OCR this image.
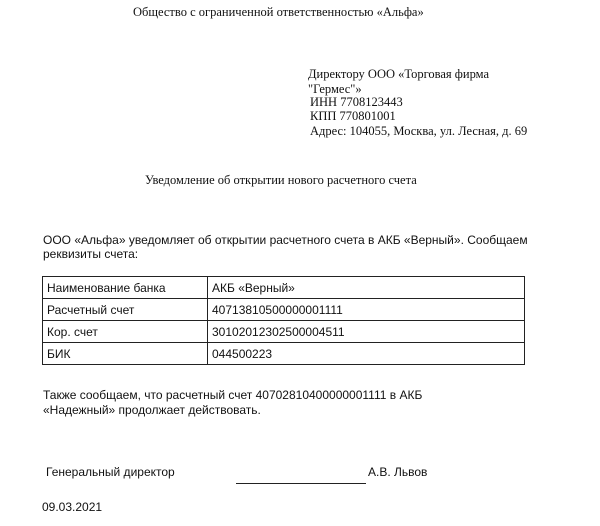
Общество с ограниченной ответственностью «Альфа»
Директору ООО «Торговая фирма
"Гермес"»
ИНН 7708123443
КПП 770801001
Адрес: 104055, Москва, ул. Лесная, д. 69
Уведомление об открытии нового расчетного счета
ООО «Альфа» уведомляет об открытии расчетного счета в АКБ «Верный». Сообщаем
реквизиты счета:
Наименование банка	АКБ «Верный»
Расчетный счет	40713810500000001111
Кор. счет	30102012302500004511
БИК	044500223
Также сообщаем, что расчетный счет 40702810400000001111 в АКБ
«Надежный» продолжает действовать.
Генеральный директор	А.В. Львов
09.03.2021
